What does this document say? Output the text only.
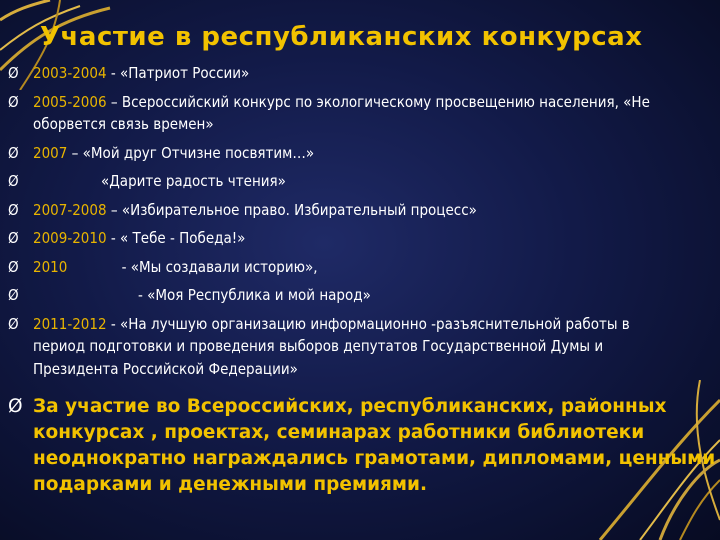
Участие в республиканских конкурсах
Ø 2003-2004 - «Патриот России»
Ø 2005-2006 – Всероссийский конкурс по экологическому просвещению населения, «Не оборвется связь времен»
Ø 2007 – «Мой друг Отчизне посвятим…»
Ø	«Дарите радость чтения»
Ø 2007-2008 – «Избирательное право. Избирательный процесс»
Ø 2009-2010 - « Тебе - Победа!»
Ø 2010	- «Мы создавали историю»,
Ø	- «Моя Республика и мой народ»
Ø 2011-2012 - «На лучшую организацию информационно -разъяснительной работы в период подготовки и проведения выборов депутатов Государственной Думы и Президента Российской Федерации»
Ø За участие во Всероссийских, республиканских, районных конкурсах , проектах, семинарах работники библиотеки неоднократно награждались грамотами, дипломами, ценными подарками и денежными премиями.
